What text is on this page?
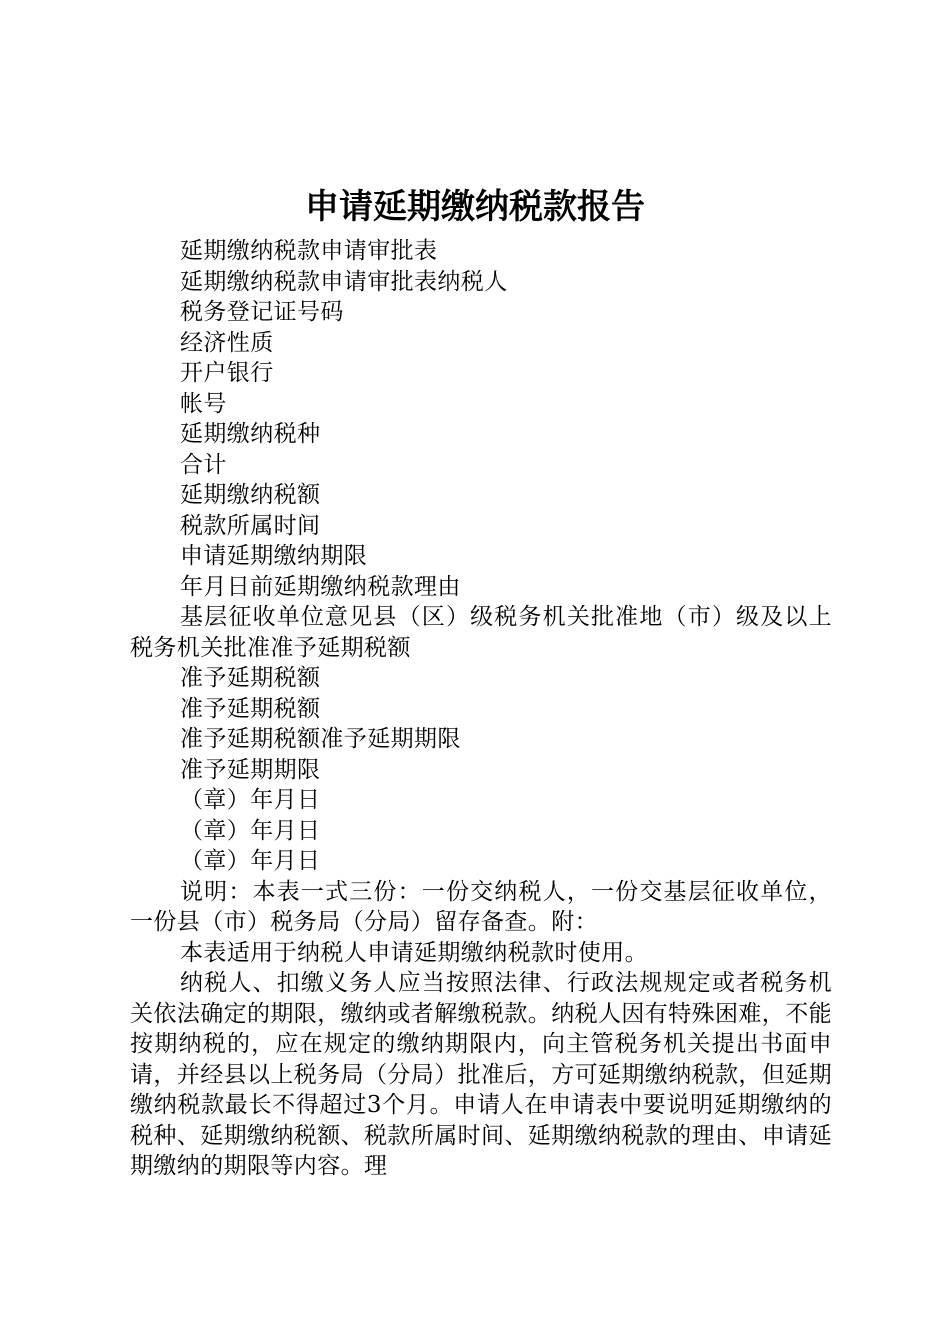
申请延期缴纳税款报告

延期缴纳税款申请审批表

延期缴纳税款申请审批表纳税人

税务登记证号码

经济性质

开户银行

帐号

延期缴纳税种

合计

延期缴纳税额

税款所属时间

申请延期缴纳期限

年月日前延期缴纳税款理由

基层征收单位意见县（区）级税务机关批准地（市）级及以上税务机关批准准予延期税额

准予延期税额

准予延期税额

准予延期税额准予延期期限

准予延期期限

（章）年月日

（章）年月日

（章）年月日

说明：本表一式三份：一份交纳税人，一份交基层征收单位，一份县（市）税务局（分局）留存备查。附：

本表适用于纳税人申请延期缴纳税款时使用。

纳税人、扣缴义务人应当按照法律、行政法规规定或者税务机关依法确定的期限，缴纳或者解缴税款。纳税人因有特殊困难，不能按期纳税的，应在规定的缴纳期限内，向主管税务机关提出书面申请，并经县以上税务局（分局）批准后，方可延期缴纳税款，但延期缴纳税款最长不得超过3个月。申请人在申请表中要说明延期缴纳的税种、延期缴纳税额、税款所属时间、延期缴纳税款的理由、申请延期缴纳的期限等内容。理
